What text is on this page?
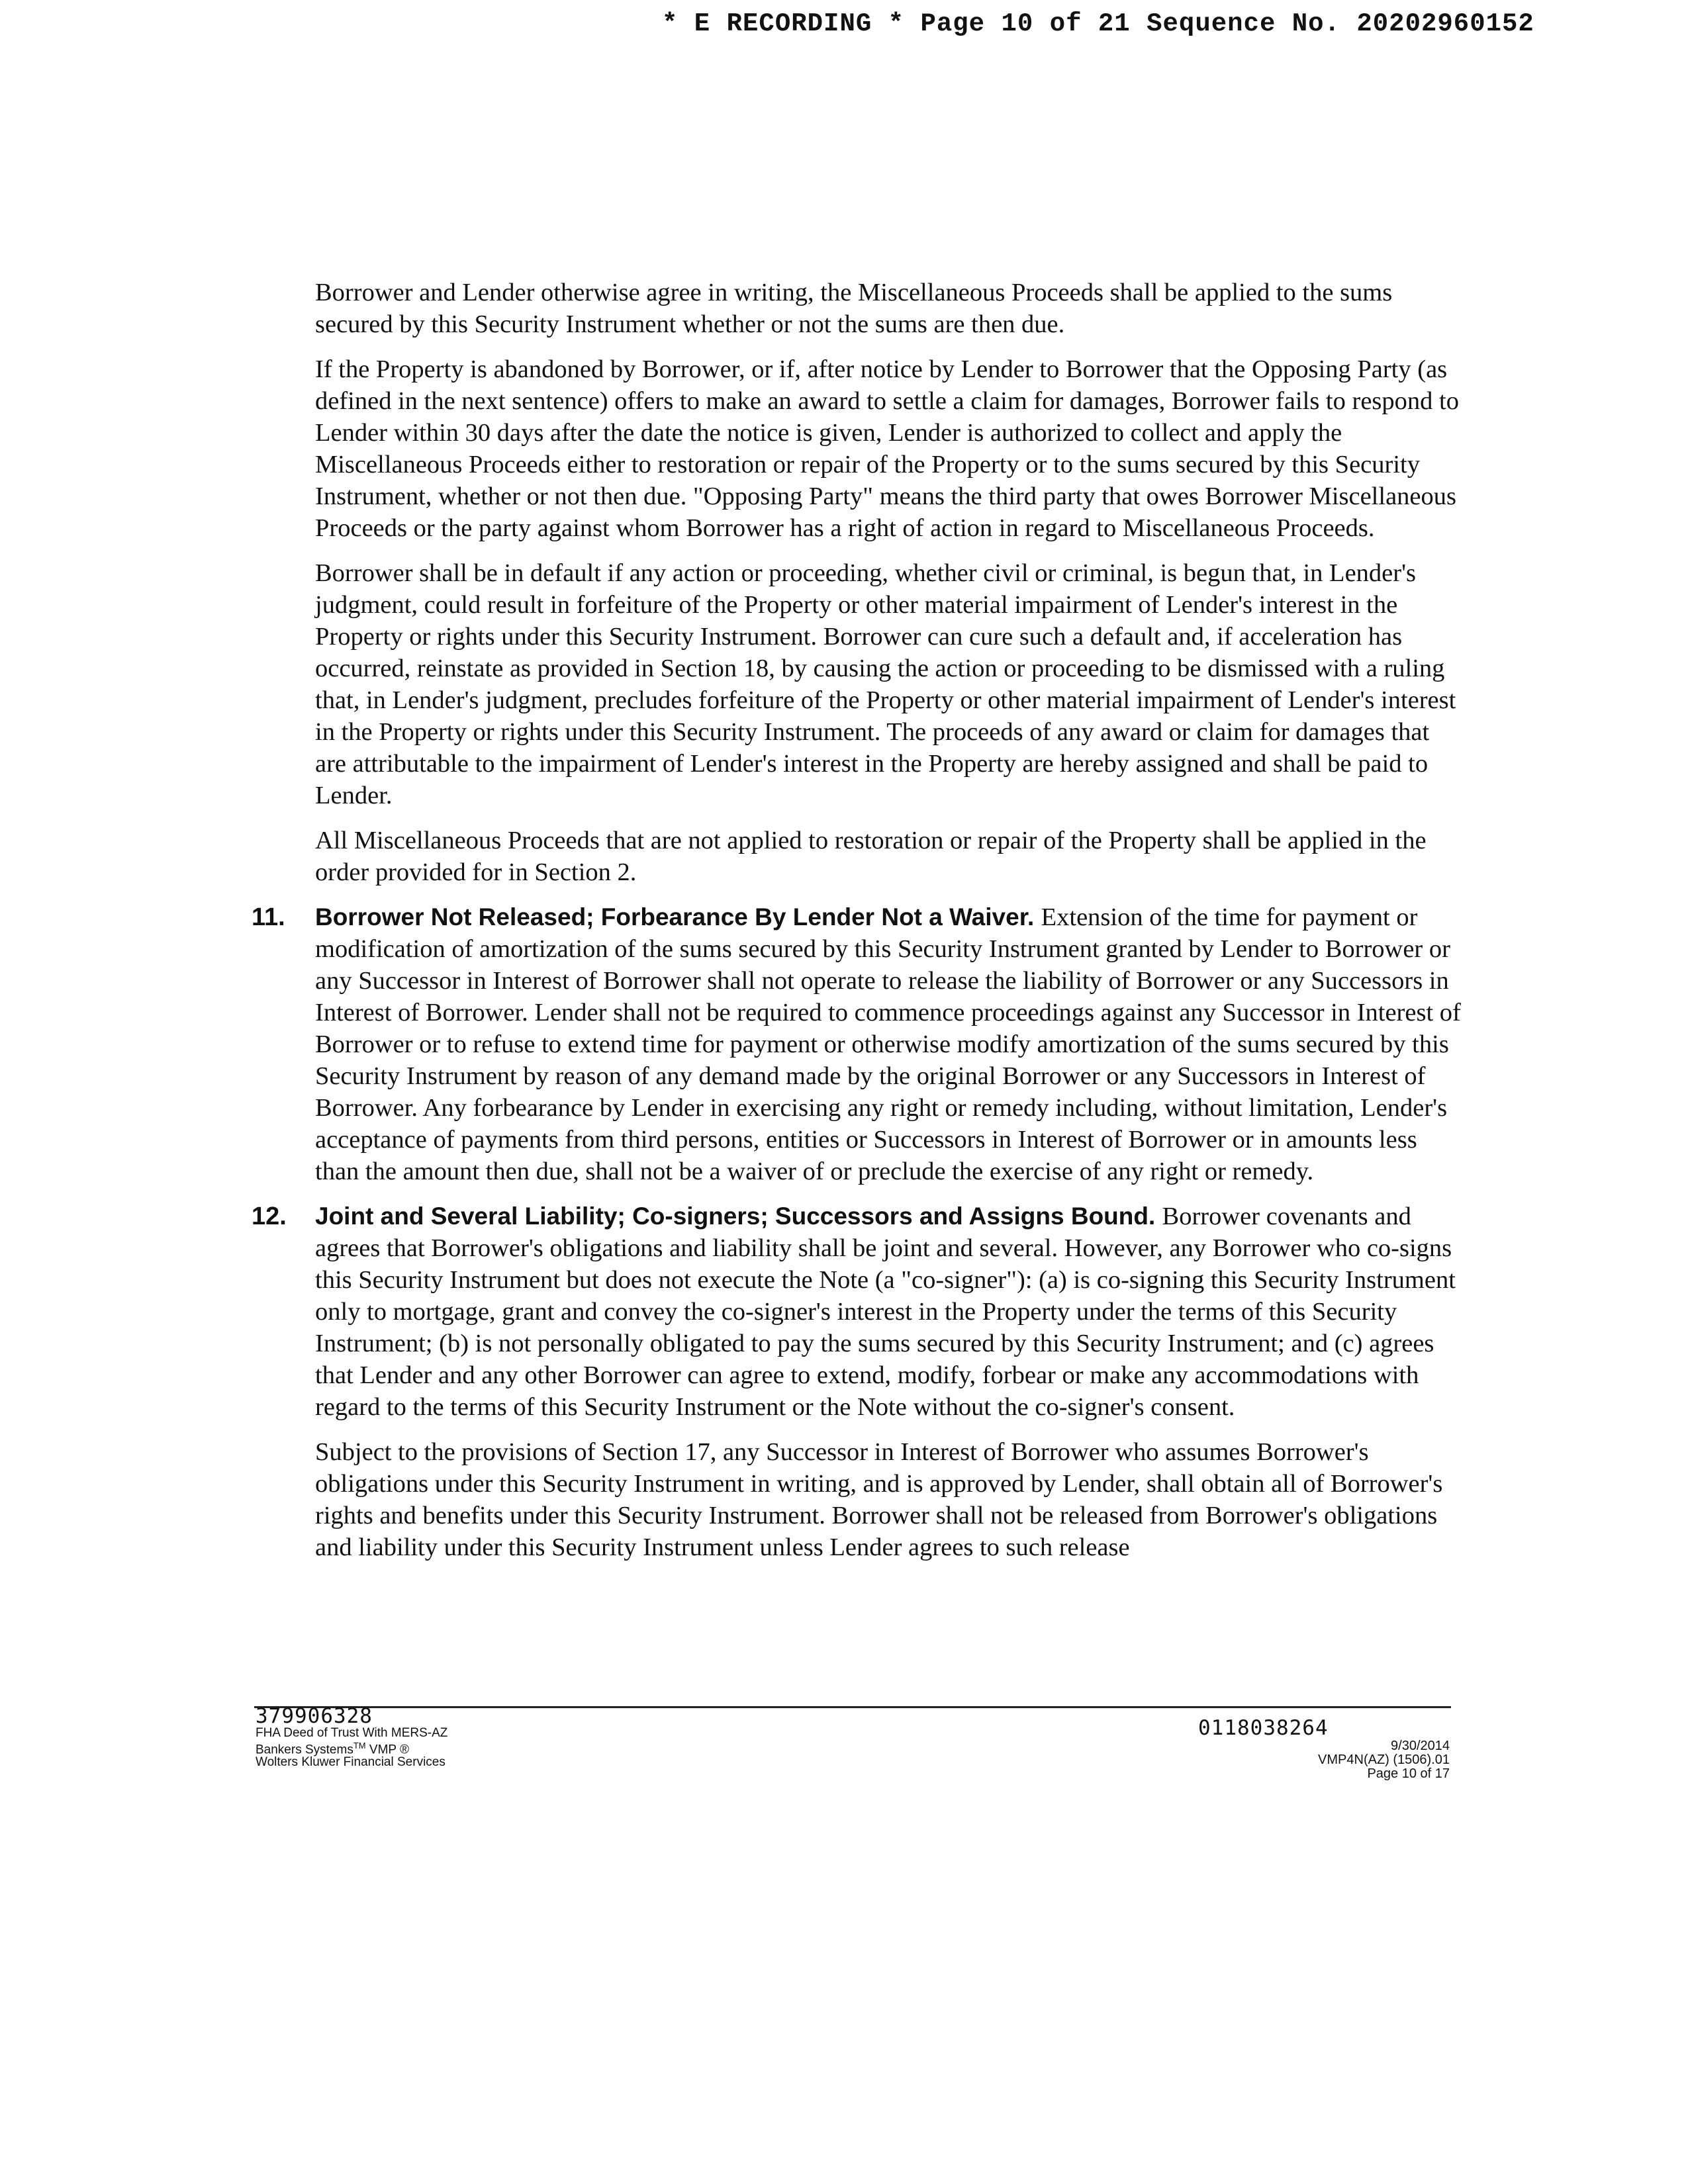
* E RECORDING * Page 10 of 21 Sequence No. 20202960152

Borrower and Lender otherwise agree in writing, the Miscellaneous Proceeds shall be applied to the sums secured by this Security Instrument whether or not the sums are then due.

If the Property is abandoned by Borrower, or if, after notice by Lender to Borrower that the Opposing Party (as defined in the next sentence) offers to make an award to settle a claim for damages, Borrower fails to respond to Lender within 30 days after the date the notice is given, Lender is authorized to collect and apply the Miscellaneous Proceeds either to restoration or repair of the Property or to the sums secured by this Security Instrument, whether or not then due. "Opposing Party" means the third party that owes Borrower Miscellaneous Proceeds or the party against whom Borrower has a right of action in regard to Miscellaneous Proceeds.

Borrower shall be in default if any action or proceeding, whether civil or criminal, is begun that, in Lender's judgment, could result in forfeiture of the Property or other material impairment of Lender's interest in the Property or rights under this Security Instrument. Borrower can cure such a default and, if acceleration has occurred, reinstate as provided in Section 18, by causing the action or proceeding to be dismissed with a ruling that, in Lender's judgment, precludes forfeiture of the Property or other material impairment of Lender's interest in the Property or rights under this Security Instrument. The proceeds of any award or claim for damages that are attributable to the impairment of Lender's interest in the Property are hereby assigned and shall be paid to Lender.

All Miscellaneous Proceeds that are not applied to restoration or repair of the Property shall be applied in the order provided for in Section 2.

11. Borrower Not Released; Forbearance By Lender Not a Waiver. Extension of the time for payment or modification of amortization of the sums secured by this Security Instrument granted by Lender to Borrower or any Successor in Interest of Borrower shall not operate to release the liability of Borrower or any Successors in Interest of Borrower. Lender shall not be required to commence proceedings against any Successor in Interest of Borrower or to refuse to extend time for payment or otherwise modify amortization of the sums secured by this Security Instrument by reason of any demand made by the original Borrower or any Successors in Interest of Borrower. Any forbearance by Lender in exercising any right or remedy including, without limitation, Lender's acceptance of payments from third persons, entities or Successors in Interest of Borrower or in amounts less than the amount then due, shall not be a waiver of or preclude the exercise of any right or remedy.
12. Joint and Several Liability; Co-signers; Successors and Assigns Bound. Borrower covenants and agrees that Borrower's obligations and liability shall be joint and several. However, any Borrower who co-signs this Security Instrument but does not execute the Note (a "co-signer"): (a) is co-signing this Security Instrument only to mortgage, grant and convey the co-signer's interest in the Property under the terms of this Security Instrument; (b) is not personally obligated to pay the sums secured by this Security Instrument; and (c) agrees that Lender and any other Borrower can agree to extend, modify, forbear or make any accommodations with regard to the terms of this Security Instrument or the Note without the co-signer's consent.

Subject to the provisions of Section 17, any Successor in Interest of Borrower who assumes Borrower's obligations under this Security Instrument in writing, and is approved by Lender, shall obtain all of Borrower's rights and benefits under this Security Instrument. Borrower shall not be released from Borrower's obligations and liability under this Security Instrument unless Lender agrees to such release

379906328
FHA Deed of Trust With MERS-AZ
Bankers Systems™ VMP ®
Wolters Kluwer Financial Services
0118038264
9/30/2014
VMP4N(AZ) (1506).01
Page 10 of 17
